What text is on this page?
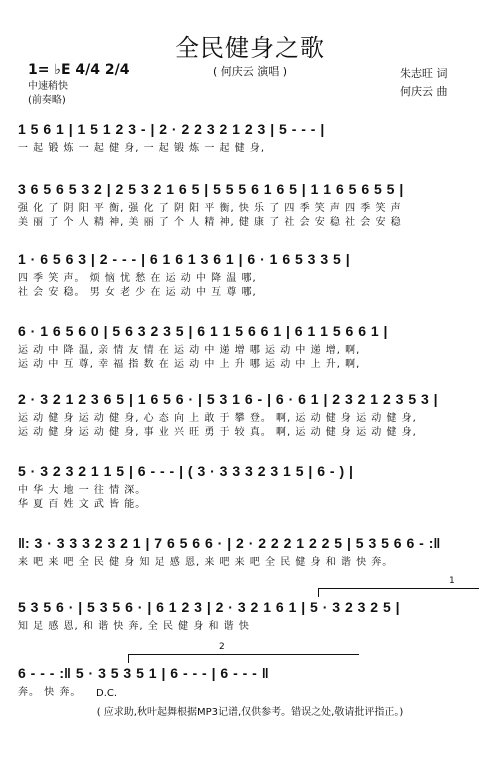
全民健身之歌
( 何庆云 演唱 )	朱志旺 词
何庆云 曲
1= ♭E 4/4 2/4
中速稍快
(前奏略)
1 5 6 1 | 1 5 1 2 3 - | 2 · 2 2 3 2 1 2 3 | 5 - - - |
一 起 锻 炼 一 起 健 身, 一 起 锻 炼 一 起 健 身,
3 6 5 6 5 3 2 | 2 5 3 2 1 6 5 | 5 5 5 6 1 6 5 | 1 1 6 5 6 5 5 |
强 化 了 阴 阳 平 衡, 强 化 了 阴 阳 平 衡, 快 乐 了 四 季 笑 声 四 季 笑 声
美 丽 了 个 人 精 神, 美 丽 了 个 人 精 神, 健 康 了 社 会 安 稳 社 会 安 稳
1 · 6 5 6 3 | 2 - - - | 6 1 6 1 3 6 1 | 6 · 1 6 5 3 3 5 |
四 季 笑 声。 烦 恼 忧 愁 在 运 动 中 降 温 哪,
社 会 安 稳。 男 女 老 少 在 运 动 中 互 尊 哪,
6 · 1 6 5 6 0 | 5 6 3 2 3 5 | 6 1 1 5 6 6 1 | 6 1 1 5 6 6 1 |
运 动 中 降 温, 亲 情 友 情 在 运 动 中 递 增 哪 运 动 中 递 增, 啊,
运 动 中 互 尊, 幸 福 指 数 在 运 动 中 上 升 哪 运 动 中 上 升, 啊,
2 · 3 2 1 2 3 6 5 | 1 6 5 6 · | 5 3 1 6 - | 6 · 6 1 | 2 3 2 1 2 3 5 3 |
运 动 健 身 运 动 健 身, 心 态 向 上 敢 于 攀 登。 啊, 运 动 健 身 运 动 健 身,
运 动 健 身 运 动 健 身, 事 业 兴 旺 勇 于 较 真。 啊, 运 动 健 身 运 动 健 身,
5 · 3 2 3 2 1 1 5 | 6 - - - | ( 3 · 3 3 3 2 3 1 5 | 6 - ) |
中 华 大 地 一 往 情 深。
华 夏 百 姓 文 武 皆 能。
‖: 3 · 3 3 3 2 3 2 1 | 7 6 5 6 6 · | 2 · 2 2 2 1 2 2 5 | 5 3 5 6 6 - :‖
来 吧 来 吧 全 民 健 身 知 足 感 恩, 来 吧 来 吧 全 民 健 身 和 谐 快 奔。
1
5 3 5 6 · | 5 3 5 6 · | 6 1 2 3 | 2 · 3 2 1 6 1 | 5 · 3 2 3 2 5 |
知 足 感 恩, 和 谐 快 奔, 全 民 健 身 和 谐 快
2
6 - - - :‖ 5 · 3 5 3 5 1 | 6 - - - | 6 - - - ‖
奔。 快 奔。	D.C.
( 应求助,秋叶起舞根据MP3记谱,仅供参考。错误之处,敬请批评指正。)
